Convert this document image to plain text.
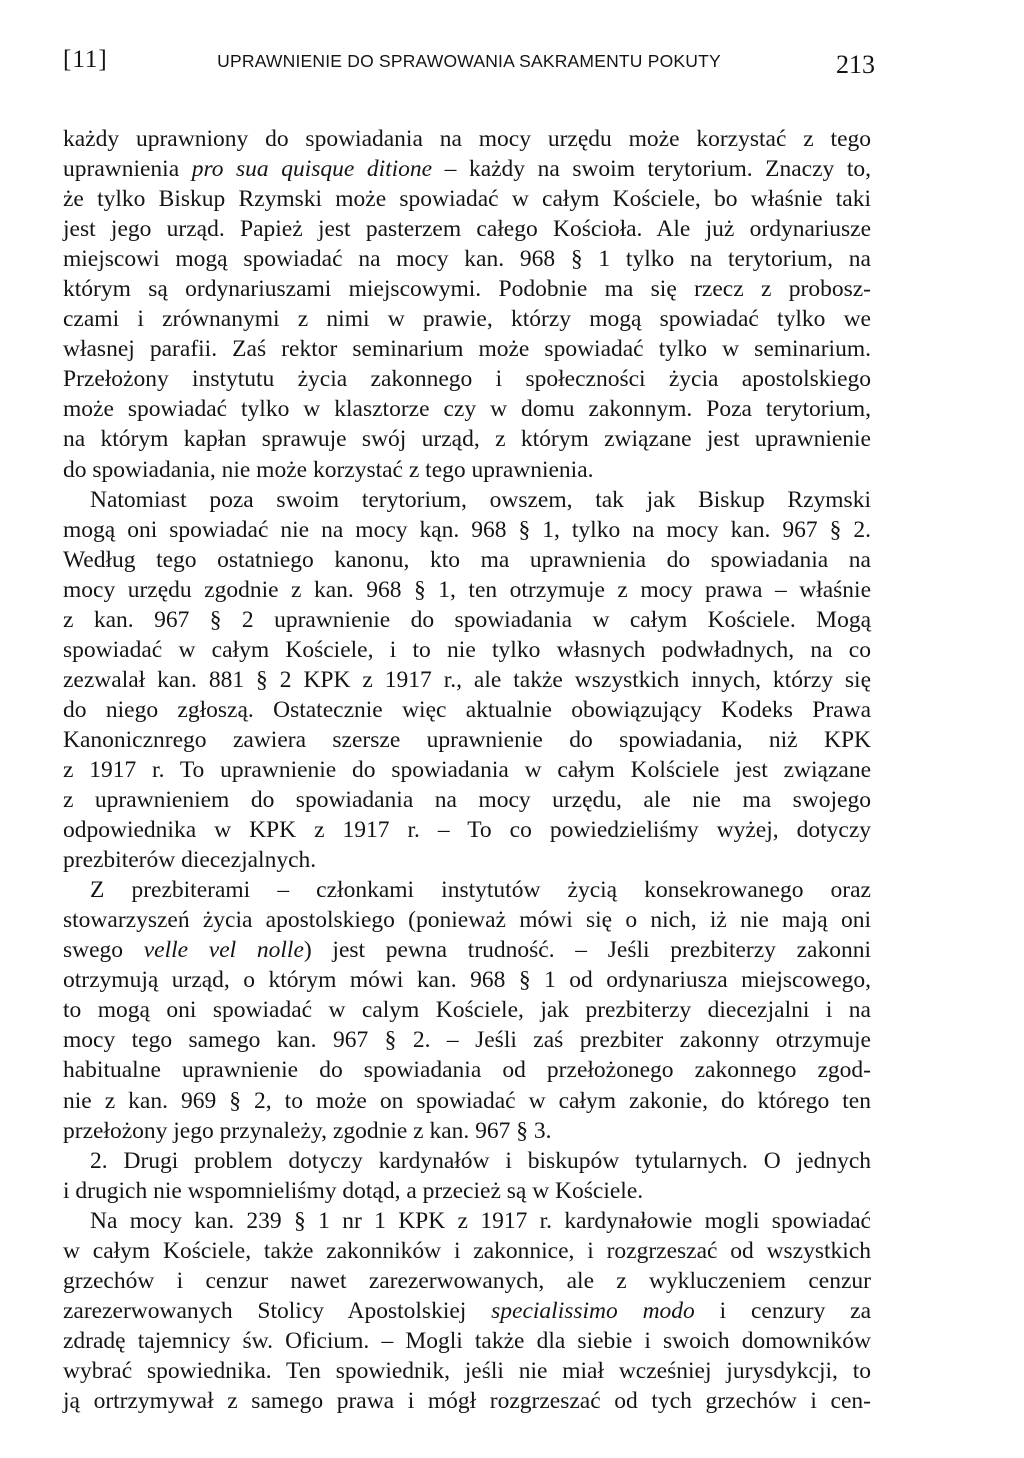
[11]	UPRAWNIENIE DO SPRAWOWANIA SAKRAMENTU POKUTY	213
każdy uprawniony do spowiadania na mocy urzędu może korzystać z tego
uprawnienia pro sua quisque ditione – każdy na swoim terytorium. Znaczy to,
że tylko Biskup Rzymski może spowiadać w całym Kościele, bo właśnie taki
jest jego urząd. Papież jest pasterzem całego Kościoła. Ale już ordynariusze
miejscowi mogą spowiadać na mocy kan. 968 § 1 tylko na terytorium, na
którym są ordynariuszami miejscowymi. Podobnie ma się rzecz z probosz-
czami i zrównanymi z nimi w prawie, którzy mogą spowiadać tylko we
własnej parafii. Zaś rektor seminarium może spowiadać tylko w seminarium.
Przełożony instytutu życia zakonnego i społeczności życia apostolskiego
może spowiadać tylko w klasztorze czy w domu zakonnym. Poza terytorium,
na którym kapłan sprawuje swój urząd, z którym związane jest uprawnienie
do spowiadania, nie może korzystać z tego uprawnienia.
Natomiast poza swoim terytorium, owszem, tak jak Biskup Rzymski
mogą oni spowiadać nie na mocy kąn. 968 § 1, tylko na mocy kan. 967 § 2.
Według tego ostatniego kanonu, kto ma uprawnienia do spowiadania na
mocy urzędu zgodnie z kan. 968 § 1, ten otrzymuje z mocy prawa – właśnie
z kan. 967 § 2 uprawnienie do spowiadania w całym Kościele. Mogą
spowiadać w całym Kościele, i to nie tylko własnych podwładnych, na co
zezwalał kan. 881 § 2 KPK z 1917 r., ale także wszystkich innych, którzy się
do niego zgłoszą. Ostatecznie więc aktualnie obowiązujący Kodeks Prawa
Kanonicznrego zawiera szersze uprawnienie do spowiadania, niż KPK
z 1917 r. To uprawnienie do spowiadania w całym Kolściele jest związane
z uprawnieniem do spowiadania na mocy urzędu, ale nie ma swojego
odpowiednika w KPK z 1917 r. – To co powiedzieliśmy wyżej, dotyczy
prezbiterów diecezjalnych.
Z prezbiterami – członkami instytutów życią konsekrowanego oraz
stowarzyszeń życia apostolskiego (ponieważ mówi się o nich, iż nie mają oni
swego velle vel nolle) jest pewna trudność. – Jeśli prezbiterzy zakonni
otrzymują urząd, o którym mówi kan. 968 § 1 od ordynariusza miejscowego,
to mogą oni spowiadać w calym Kościele, jak prezbiterzy diecezjalni i na
mocy tego samego kan. 967 § 2. – Jeśli zaś prezbiter zakonny otrzymuje
habitualne uprawnienie do spowiadania od przełożonego zakonnego zgod-
nie z kan. 969 § 2, to może on spowiadać w całym zakonie, do którego ten
przełożony jego przynależy, zgodnie z kan. 967 § 3.
2. Drugi problem dotyczy kardynałów i biskupów tytularnych. O jednych
i drugich nie wspomnieliśmy dotąd, a przecież są w Kościele.
Na mocy kan. 239 § 1 nr 1 KPK z 1917 r. kardynałowie mogli spowiadać
w całym Kościele, także zakonników i zakonnice, i rozgrzeszać od wszystkich
grzechów i cenzur nawet zarezerwowanych, ale z wykluczeniem cenzur
zarezerwowanych Stolicy Apostolskiej specialissimo modo i cenzury za
zdradę tajemnicy św. Oficium. – Mogli także dla siebie i swoich domowników
wybrać spowiednika. Ten spowiednik, jeśli nie miał wcześniej jurysdykcji, to
ją ortrzymywał z samego prawa i mógł rozgrzeszać od tych grzechów i cen-
